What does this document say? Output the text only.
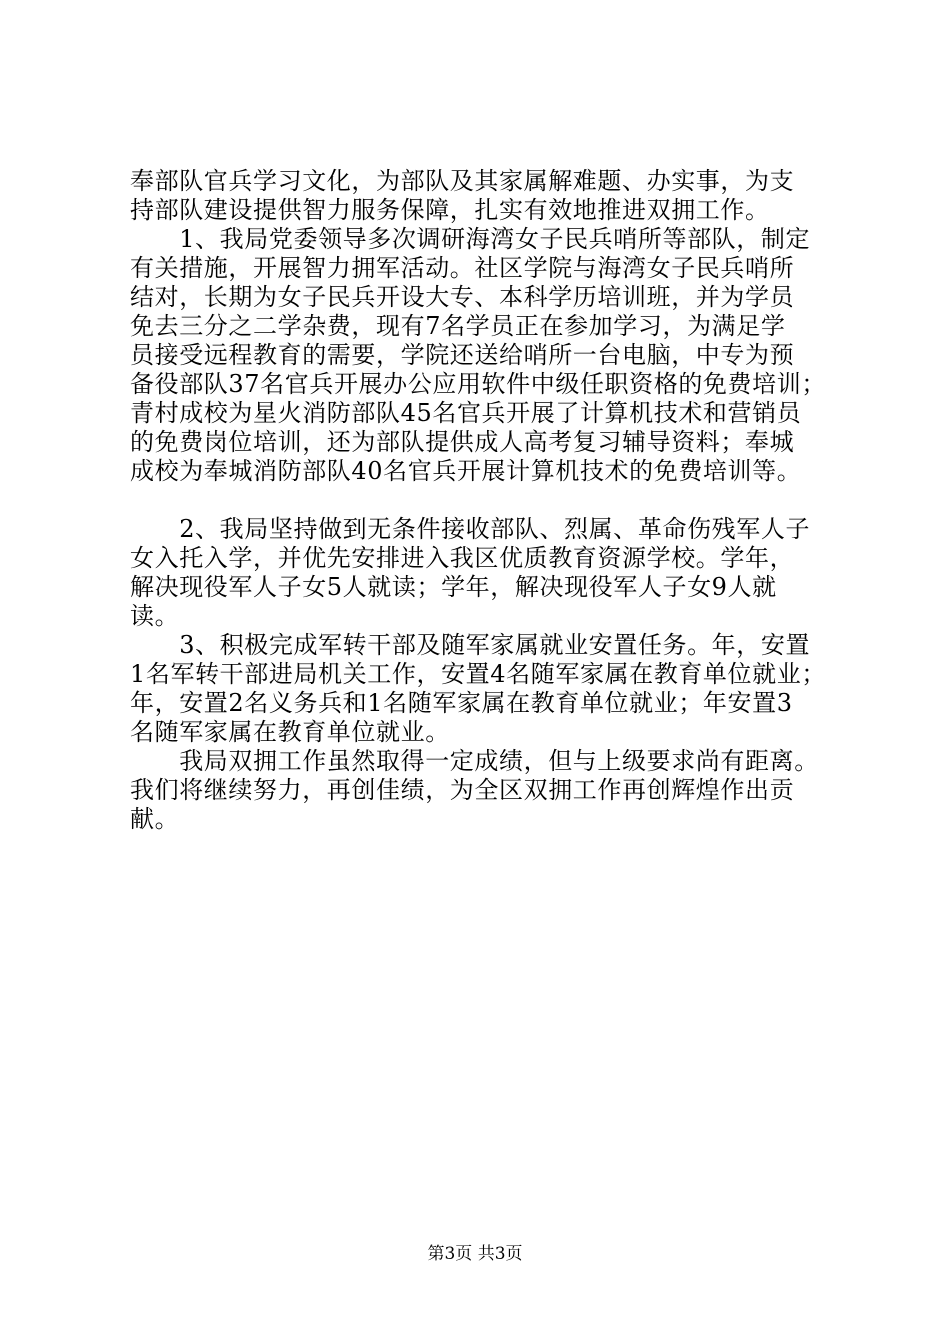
奉部队官兵学习文化，为部队及其家属解难题、办实事，为支

持部队建设提供智力服务保障，扎实有效地推进双拥工作。

　　1、我局党委领导多次调研海湾女子民兵哨所等部队，制定

有关措施，开展智力拥军活动。社区学院与海湾女子民兵哨所

结对，长期为女子民兵开设大专、本科学历培训班，并为学员

免去三分之二学杂费，现有7名学员正在参加学习，为满足学

员接受远程教育的需要，学院还送给哨所一台电脑，中专为预

备役部队37名官兵开展办公应用软件中级任职资格的免费培训；

青村成校为星火消防部队45名官兵开展了计算机技术和营销员

的免费岗位培训，还为部队提供成人高考复习辅导资料；奉城

成校为奉城消防部队40名官兵开展计算机技术的免费培训等。

　　2、我局坚持做到无条件接收部队、烈属、革命伤残军人子

女入托入学，并优先安排进入我区优质教育资源学校。学年，

解决现役军人子女5人就读；学年，解决现役军人子女9人就

读。

　　3、积极完成军转干部及随军家属就业安置任务。年，安置

1名军转干部进局机关工作，安置4名随军家属在教育单位就业；

年，安置2名义务兵和1名随军家属在教育单位就业；年安置3

名随军家属在教育单位就业。

　　我局双拥工作虽然取得一定成绩，但与上级要求尚有距离。

我们将继续努力，再创佳绩，为全区双拥工作再创辉煌作出贡

献。

第3页 共3页
